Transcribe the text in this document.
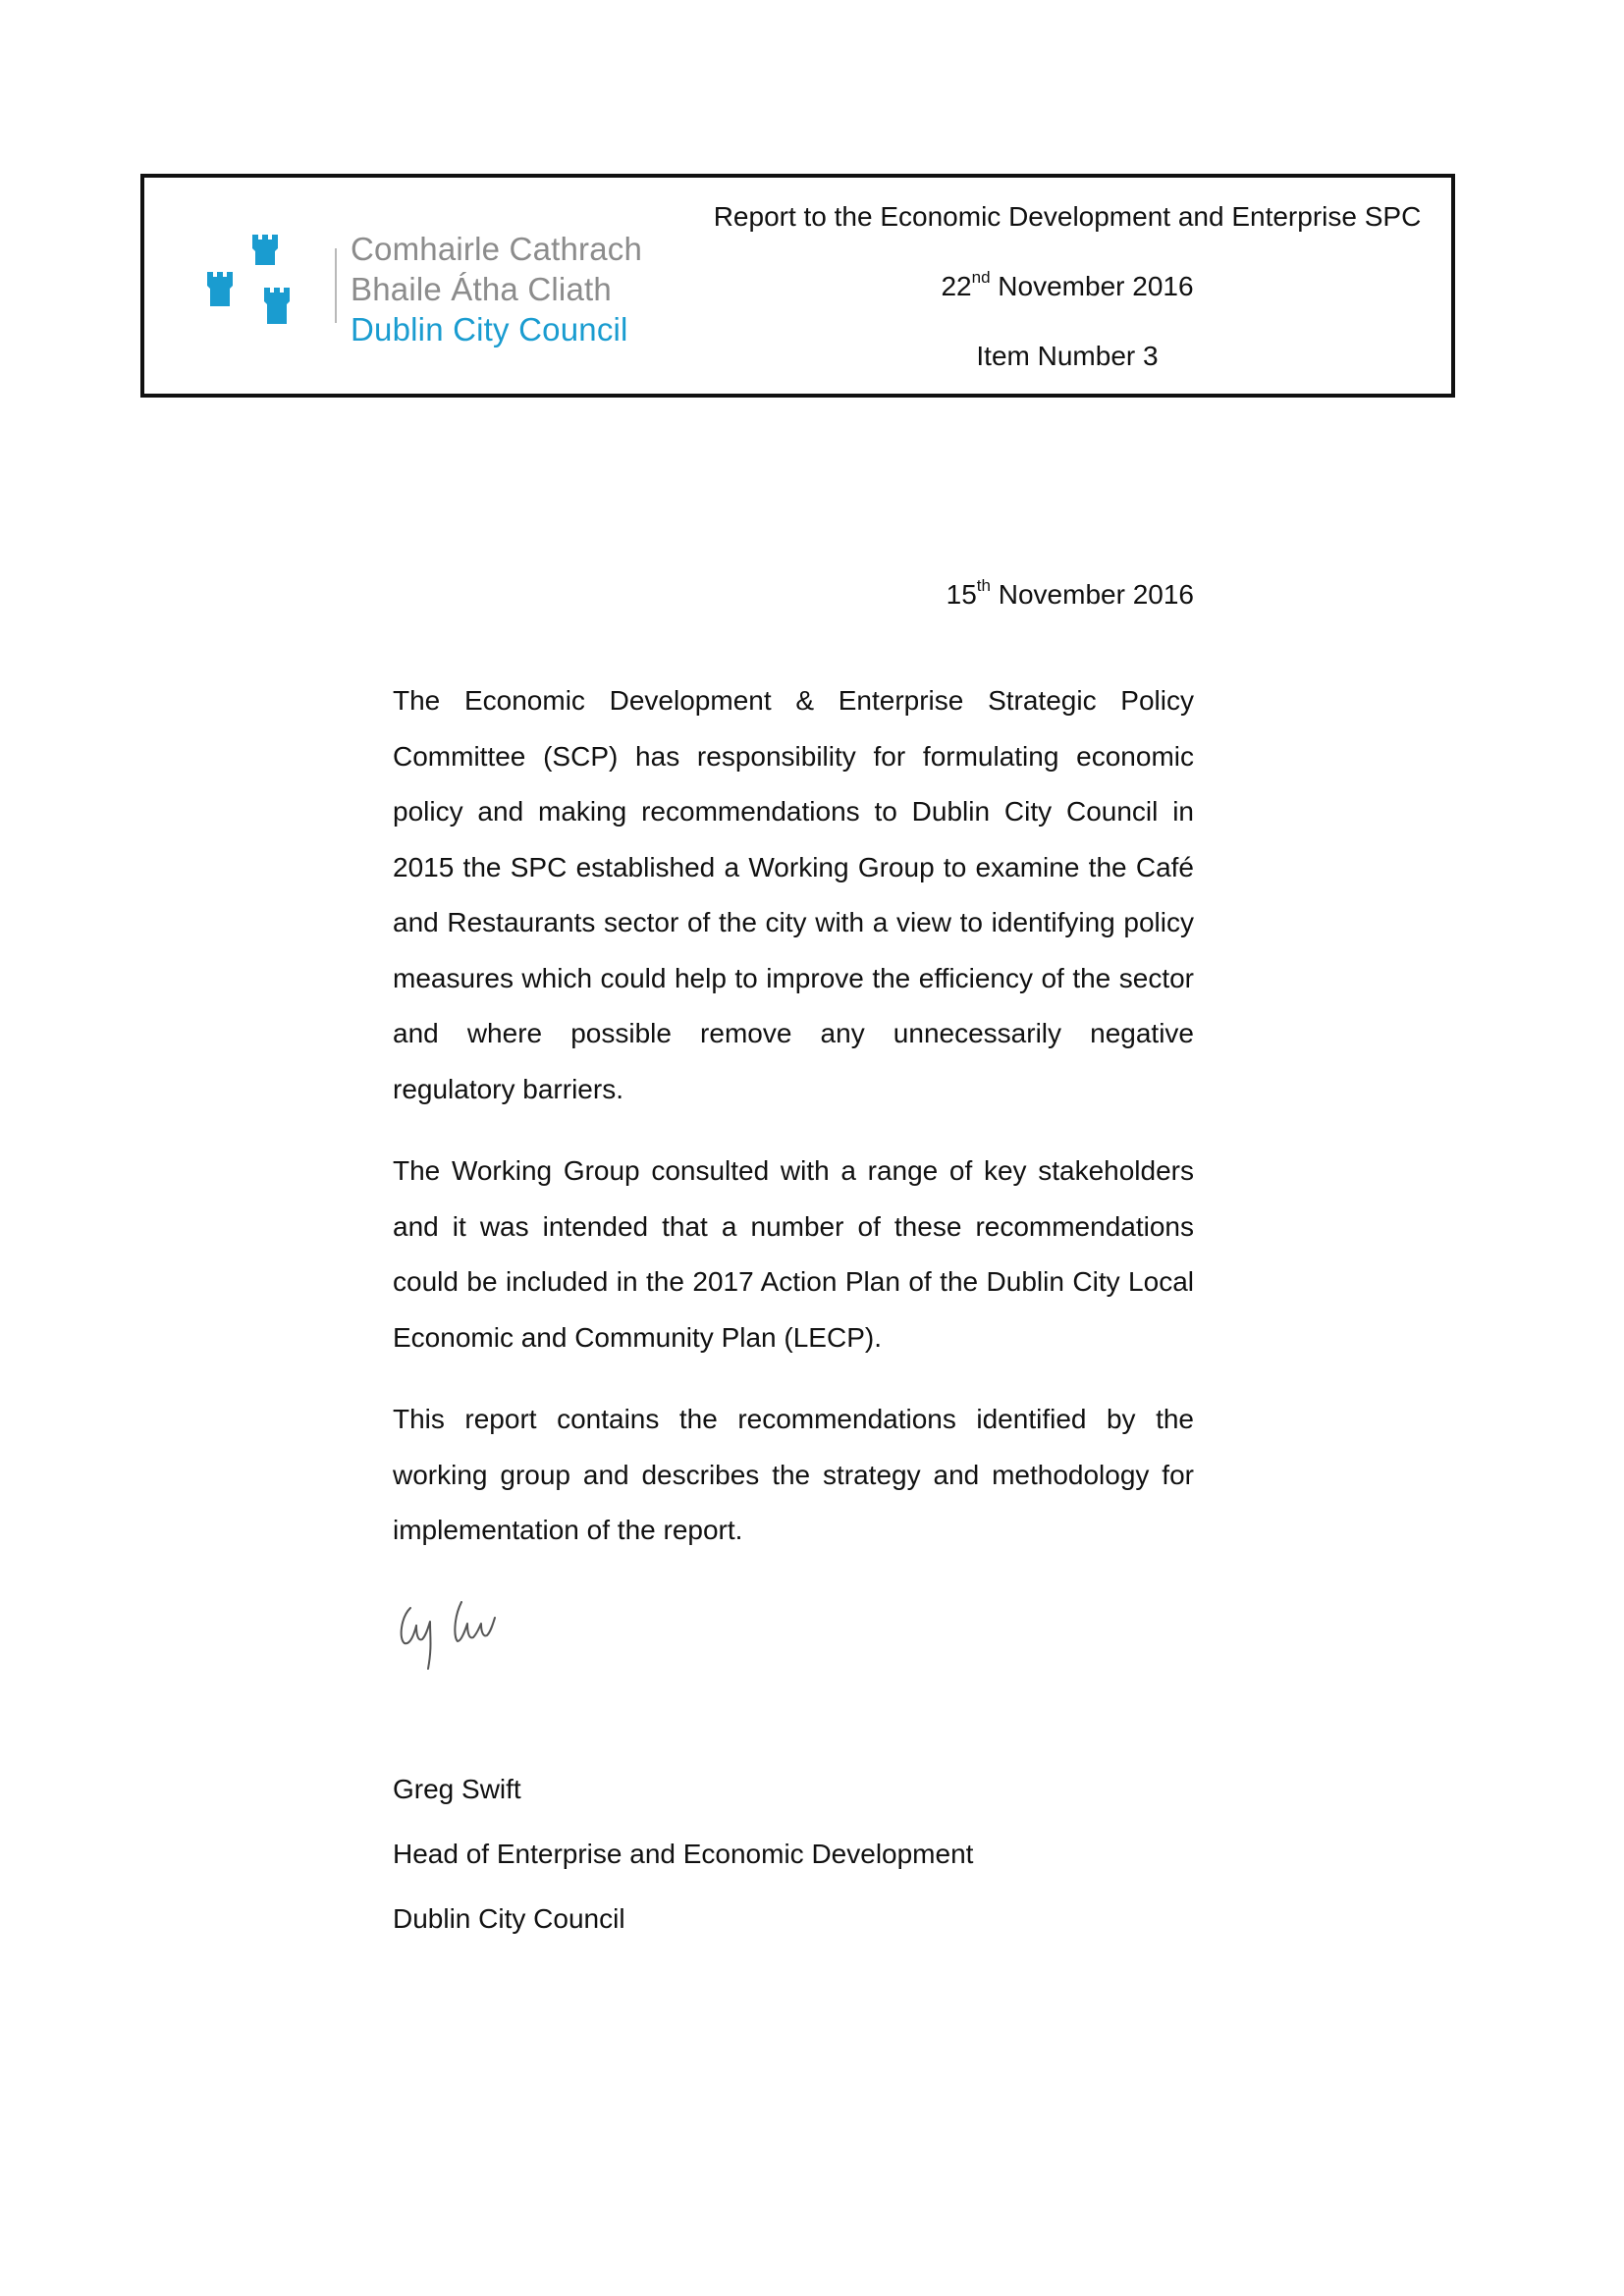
Comhairle Cathrach
Bhaile Átha Cliath
Dublin City Council
Report to the Economic Development and Enterprise SPC
22nd November 2016
Item Number 3
15th November 2016

The Economic Development & Enterprise Strategic Policy Committee (SCP) has responsibility for formulating economic policy and making recommendations to Dublin City Council in 2015 the SPC established a Working Group to examine the Café and Restaurants sector of the city with a view to identifying policy measures which could help to improve the efficiency of the sector and where possible remove any unnecessarily negative regulatory barriers.

The Working Group consulted with a range of key stakeholders and it was intended that a number of these recommendations could be included in the 2017 Action Plan of the Dublin City Local Economic and Community Plan (LECP).

This report contains the recommendations identified by the working group and describes the strategy and methodology for implementation of the report.

Greg Swift
Head of Enterprise and Economic Development
Dublin City Council
